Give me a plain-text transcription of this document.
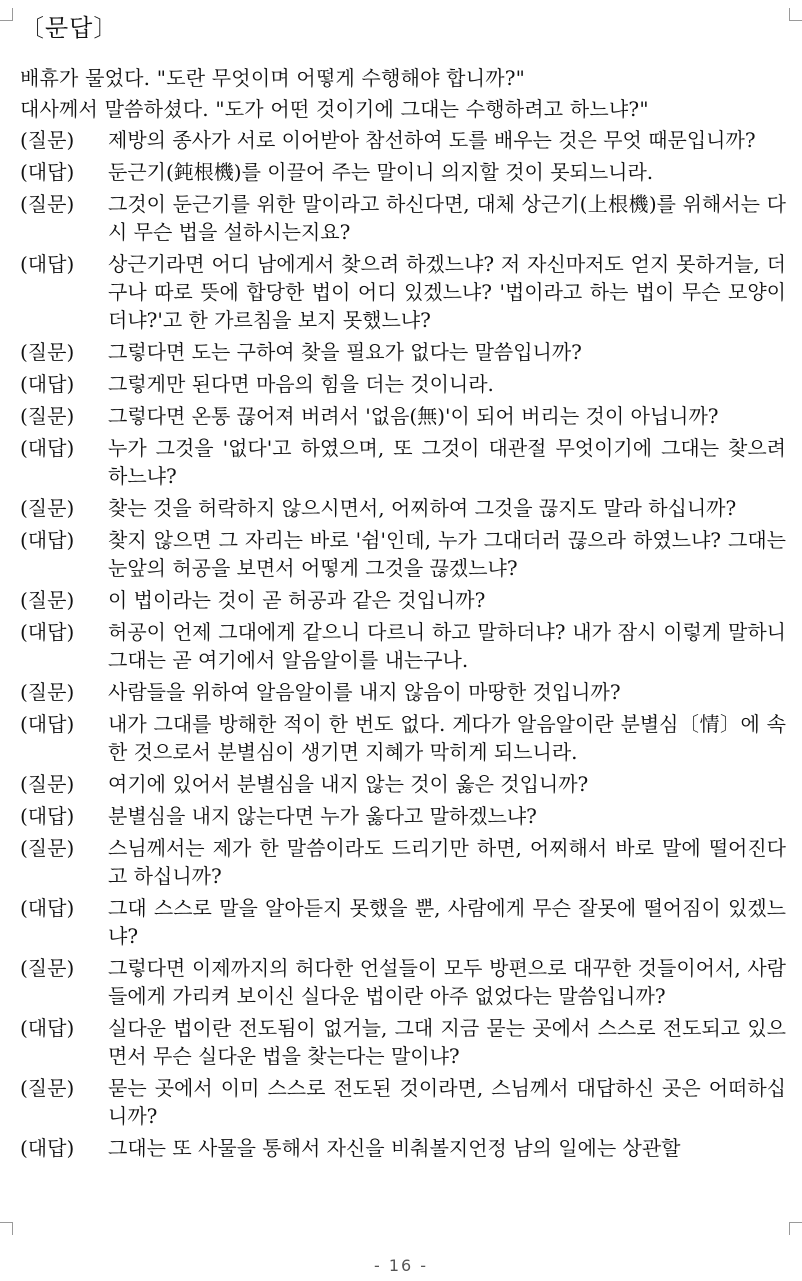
〔문답〕

배휴가 물었다. "도란 무엇이며 어떻게 수행해야 합니까?"

대사께서 말씀하셨다. "도가 어떤 것이기에 그대는 수행하려고 하느냐?"

(질문)	제방의 종사가 서로 이어받아 참선하여 도를 배우는 것은 무엇 때문입니까?
(대답)	둔근기(鈍根機)를 이끌어 주는 말이니 의지할 것이 못되느니라.
(질문)	그것이 둔근기를 위한 말이라고 하신다면, 대체 상근기(上根機)를 위해서는 다시 무슨 법을 설하시는지요?
(대답)	상근기라면 어디 남에게서 찾으려 하겠느냐? 저 자신마저도 얻지 못하거늘, 더구나 따로 뜻에 합당한 법이 어디 있겠느냐? '법이라고 하는 법이 무슨 모양이더냐?'고 한 가르침을 보지 못했느냐?
(질문)	그렇다면 도는 구하여 찾을 필요가 없다는 말씀입니까?
(대답)	그렇게만 된다면 마음의 힘을 더는 것이니라.
(질문)	그렇다면 온통 끊어져 버려서 '없음(無)'이 되어 버리는 것이 아닙니까?
(대답)	누가 그것을 '없다'고 하였으며, 또 그것이 대관절 무엇이기에 그대는 찾으려 하느냐?
(질문)	찾는 것을 허락하지 않으시면서, 어찌하여 그것을 끊지도 말라 하십니까?
(대답)	찾지 않으면 그 자리는 바로 '쉼'인데, 누가 그대더러 끊으라 하였느냐? 그대는 눈앞의 허공을 보면서 어떻게 그것을 끊겠느냐?
(질문)	이 법이라는 것이 곧 허공과 같은 것입니까?
(대답)	허공이 언제 그대에게 같으니 다르니 하고 말하더냐? 내가 잠시 이렇게 말하니 그대는 곧 여기에서 알음알이를 내는구나.
(질문)	사람들을 위하여 알음알이를 내지 않음이 마땅한 것입니까?
(대답)	내가 그대를 방해한 적이 한 번도 없다. 게다가 알음알이란 분별심〔情〕에 속한 것으로서 분별심이 생기면 지혜가 막히게 되느니라.
(질문)	여기에 있어서 분별심을 내지 않는 것이 옳은 것입니까?
(대답)	분별심을 내지 않는다면 누가 옳다고 말하겠느냐?
(질문)	스님께서는 제가 한 말씀이라도 드리기만 하면, 어찌해서 바로 말에 떨어진다고 하십니까?
(대답)	그대 스스로 말을 알아듣지 못했을 뿐, 사람에게 무슨 잘못에 떨어짐이 있겠느냐?
(질문)	그렇다면 이제까지의 허다한 언설들이 모두 방편으로 대꾸한 것들이어서, 사람들에게 가리켜 보이신 실다운 법이란 아주 없었다는 말씀입니까?
(대답)	실다운 법이란 전도됨이 없거늘, 그대 지금 묻는 곳에서 스스로 전도되고 있으면서 무슨 실다운 법을 찾는다는 말이냐?
(질문)	묻는 곳에서 이미 스스로 전도된 것이라면, 스님께서 대답하신 곳은 어떠하십니까?
(대답)	그대는 또 사물을 통해서 자신을 비춰볼지언정 남의 일에는 상관할
- 16 -
